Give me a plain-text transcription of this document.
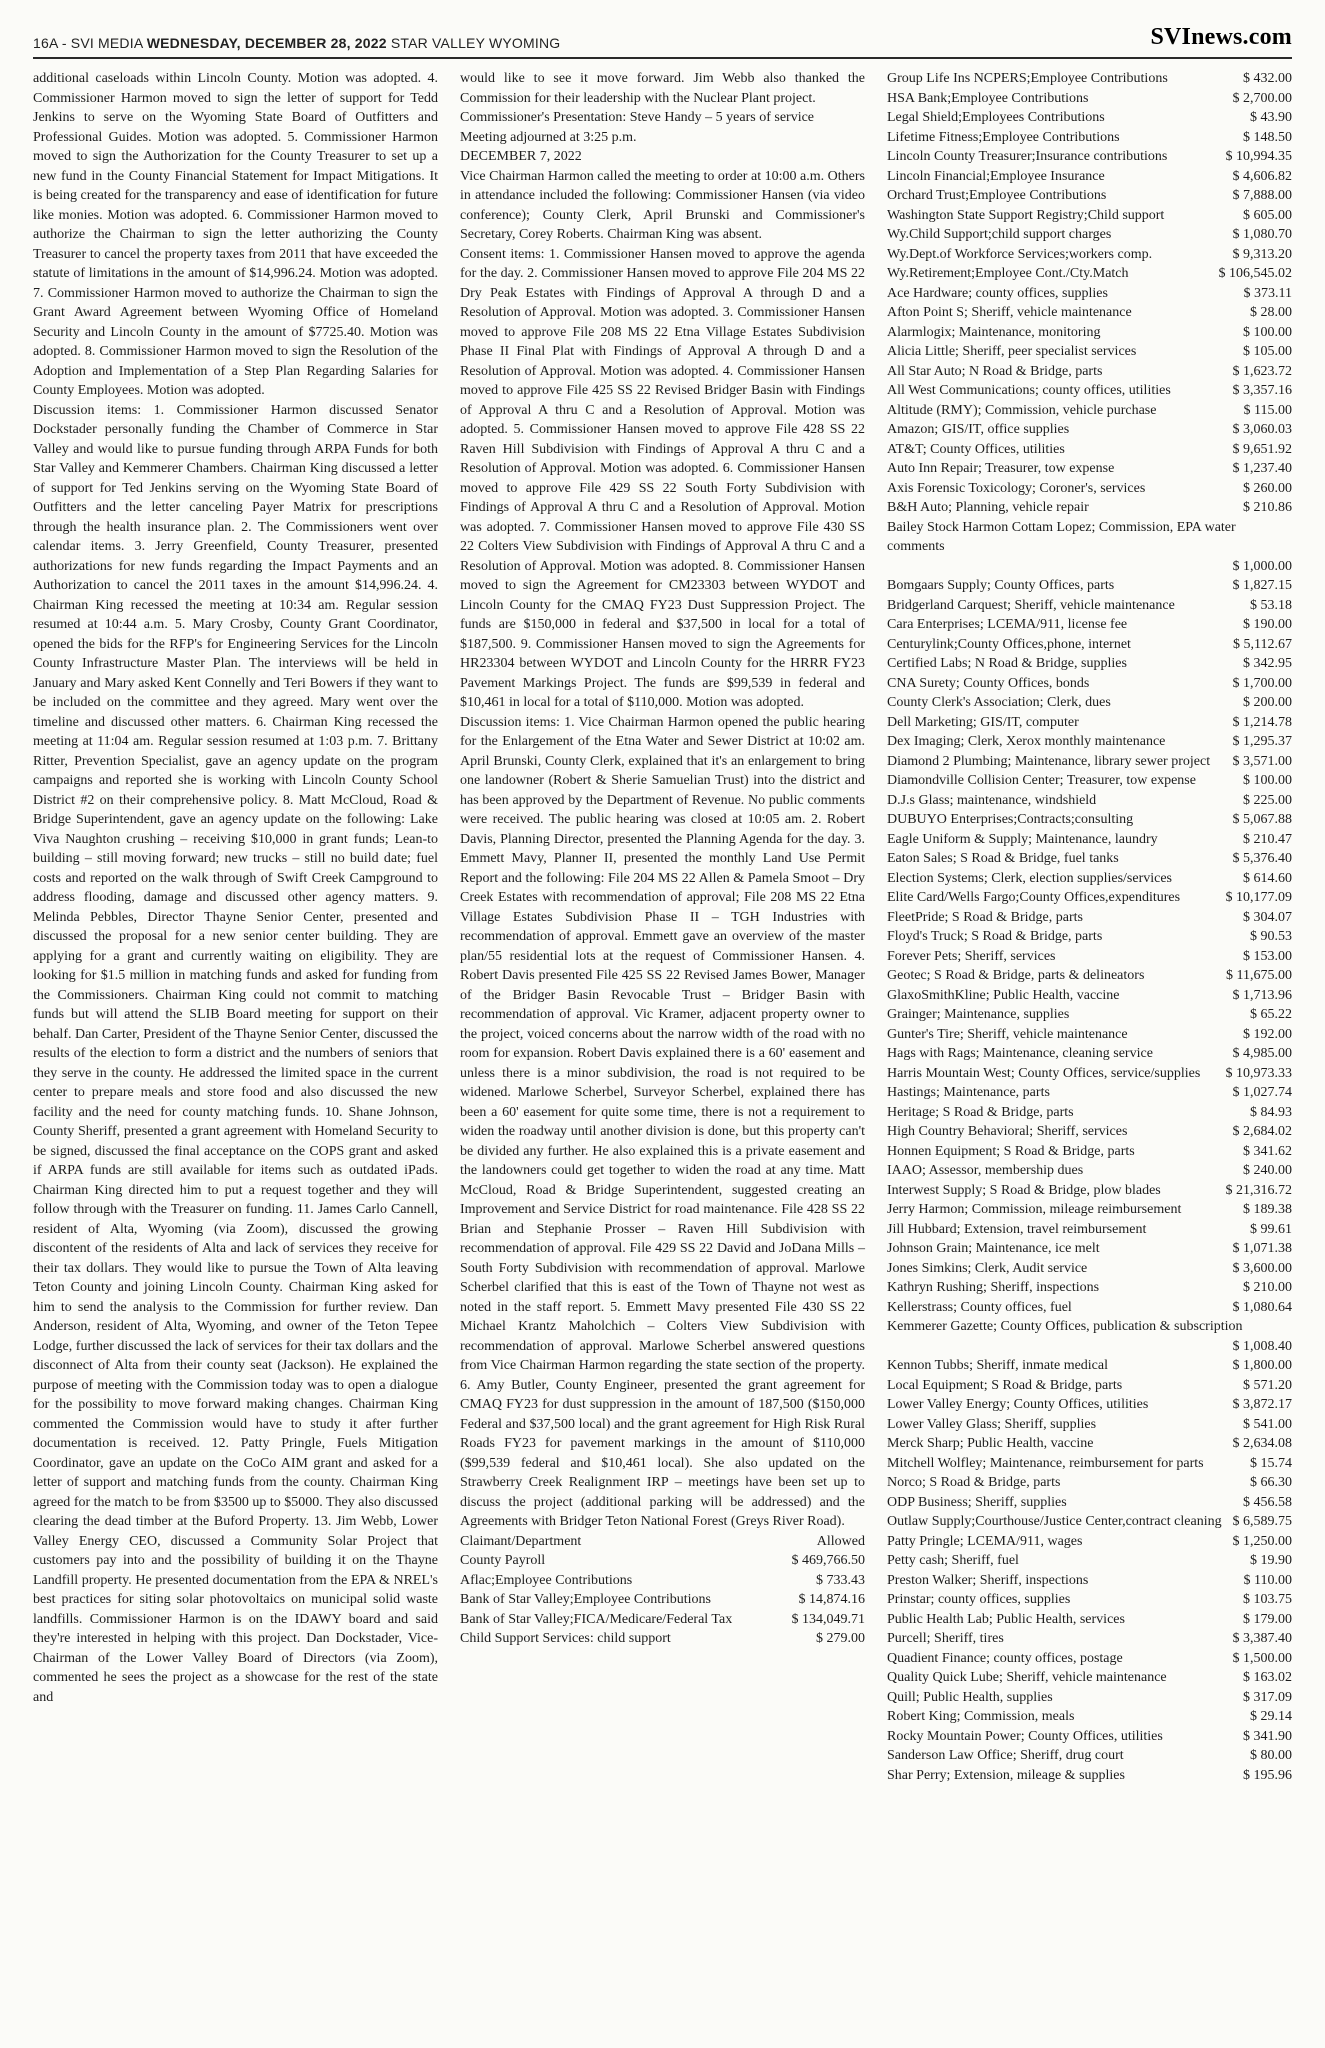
16A - SVI MEDIA WEDNESDAY, DECEMBER 28, 2022 STAR VALLEY WYOMING	SVInews.com

additional caseloads within Lincoln County. Motion was adopted. 4. Commissioner Harmon moved to sign the letter of support for Tedd Jenkins to serve on the Wyoming State Board of Outfitters and Professional Guides. Motion was adopted. 5. Commissioner Harmon moved to sign the Authorization for the County Treasurer to set up a new fund in the County Financial Statement for Impact Mitigations. It is being created for the transparency and ease of identification for future like monies. Motion was adopted. 6. Commissioner Harmon moved to authorize the Chairman to sign the letter authorizing the County Treasurer to cancel the property taxes from 2011 that have exceeded the statute of limitations in the amount of $14,996.24. Motion was adopted. 7. Commissioner Harmon moved to authorize the Chairman to sign the Grant Award Agreement between Wyoming Office of Homeland Security and Lincoln County in the amount of $7725.40. Motion was adopted. 8. Commissioner Harmon moved to sign the Resolution of the Adoption and Implementation of a Step Plan Regarding Salaries for County Employees. Motion was adopted.

Discussion items: 1. Commissioner Harmon discussed Senator Dockstader personally funding the Chamber of Commerce in Star Valley and would like to pursue funding through ARPA Funds for both Star Valley and Kemmerer Chambers. Chairman King discussed a letter of support for Ted Jenkins serving on the Wyoming State Board of Outfitters and the letter canceling Payer Matrix for prescriptions through the health insurance plan. 2. The Commissioners went over calendar items. 3. Jerry Greenfield, County Treasurer, presented authorizations for new funds regarding the Impact Payments and an Authorization to cancel the 2011 taxes in the amount $14,996.24. 4. Chairman King recessed the meeting at 10:34 am. Regular session resumed at 10:44 a.m. 5. Mary Crosby, County Grant Coordinator, opened the bids for the RFP's for Engineering Services for the Lincoln County Infrastructure Master Plan. The interviews will be held in January and Mary asked Kent Connelly and Teri Bowers if they want to be included on the committee and they agreed. Mary went over the timeline and discussed other matters. 6. Chairman King recessed the meeting at 11:04 am. Regular session resumed at 1:03 p.m. 7. Brittany Ritter, Prevention Specialist, gave an agency update on the program campaigns and reported she is working with Lincoln County School District #2 on their comprehensive policy. 8. Matt McCloud, Road & Bridge Superintendent, gave an agency update on the following: Lake Viva Naughton crushing – receiving $10,000 in grant funds; Lean-to building – still moving forward; new trucks – still no build date; fuel costs and reported on the walk through of Swift Creek Campground to address flooding, damage and discussed other agency matters. 9. Melinda Pebbles, Director Thayne Senior Center, presented and discussed the proposal for a new senior center building. They are applying for a grant and currently waiting on eligibility. They are looking for $1.5 million in matching funds and asked for funding from the Commissioners. Chairman King could not commit to matching funds but will attend the SLIB Board meeting for support on their behalf. Dan Carter, President of the Thayne Senior Center, discussed the results of the election to form a district and the numbers of seniors that they serve in the county. He addressed the limited space in the current center to prepare meals and store food and also discussed the new facility and the need for county matching funds. 10. Shane Johnson, County Sheriff, presented a grant agreement with Homeland Security to be signed, discussed the final acceptance on the COPS grant and asked if ARPA funds are still available for items such as outdated iPads. Chairman King directed him to put a request together and they will follow through with the Treasurer on funding. 11. James Carlo Cannell, resident of Alta, Wyoming (via Zoom), discussed the growing discontent of the residents of Alta and lack of services they receive for their tax dollars. They would like to pursue the Town of Alta leaving Teton County and joining Lincoln County. Chairman King asked for him to send the analysis to the Commission for further review. Dan Anderson, resident of Alta, Wyoming, and owner of the Teton Tepee Lodge, further discussed the lack of services for their tax dollars and the disconnect of Alta from their county seat (Jackson). He explained the purpose of meeting with the Commission today was to open a dialogue for the possibility to move forward making changes. Chairman King commented the Commission would have to study it after further documentation is received. 12. Patty Pringle, Fuels Mitigation Coordinator, gave an update on the CoCo AIM grant and asked for a letter of support and matching funds from the county. Chairman King agreed for the match to be from $3500 up to $5000. They also discussed clearing the dead timber at the Buford Property. 13. Jim Webb, Lower Valley Energy CEO, discussed a Community Solar Project that customers pay into and the possibility of building it on the Thayne Landfill property. He presented documentation from the EPA & NREL's best practices for siting solar photovoltaics on municipal solid waste landfills. Commissioner Harmon is on the IDAWY board and said they're interested in helping with this project. Dan Dockstader, Vice-Chairman of the Lower Valley Board of Directors (via Zoom), commented he sees the project as a showcase for the rest of the state and

would like to see it move forward. Jim Webb also thanked the Commission for their leadership with the Nuclear Plant project.

Commissioner's Presentation: Steve Handy – 5 years of service

Meeting adjourned at 3:25 p.m.

DECEMBER 7, 2022

Vice Chairman Harmon called the meeting to order at 10:00 a.m. Others in attendance included the following: Commissioner Hansen (via video conference); County Clerk, April Brunski and Commissioner's Secretary, Corey Roberts. Chairman King was absent.

Consent items: 1. Commissioner Hansen moved to approve the agenda for the day. 2. Commissioner Hansen moved to approve File 204 MS 22 Dry Peak Estates with Findings of Approval A through D and a Resolution of Approval. Motion was adopted. 3. Commissioner Hansen moved to approve File 208 MS 22 Etna Village Estates Subdivision Phase II Final Plat with Findings of Approval A through D and a Resolution of Approval. Motion was adopted. 4. Commissioner Hansen moved to approve File 425 SS 22 Revised Bridger Basin with Findings of Approval A thru C and a Resolution of Approval. Motion was adopted. 5. Commissioner Hansen moved to approve File 428 SS 22 Raven Hill Subdivision with Findings of Approval A thru C and a Resolution of Approval. Motion was adopted. 6. Commissioner Hansen moved to approve File 429 SS 22 South Forty Subdivision with Findings of Approval A thru C and a Resolution of Approval. Motion was adopted. 7. Commissioner Hansen moved to approve File 430 SS 22 Colters View Subdivision with Findings of Approval A thru C and a Resolution of Approval. Motion was adopted. 8. Commissioner Hansen moved to sign the Agreement for CM23303 between WYDOT and Lincoln County for the CMAQ FY23 Dust Suppression Project. The funds are $150,000 in federal and $37,500 in local for a total of $187,500. 9. Commissioner Hansen moved to sign the Agreements for HR23304 between WYDOT and Lincoln County for the HRRR FY23 Pavement Markings Project. The funds are $99,539 in federal and $10,461 in local for a total of $110,000. Motion was adopted.

Discussion items: 1. Vice Chairman Harmon opened the public hearing for the Enlargement of the Etna Water and Sewer District at 10:02 am. April Brunski, County Clerk, explained that it's an enlargement to bring one landowner (Robert & Sherie Samuelian Trust) into the district and has been approved by the Department of Revenue. No public comments were received. The public hearing was closed at 10:05 am. 2. Robert Davis, Planning Director, presented the Planning Agenda for the day. 3. Emmett Mavy, Planner II, presented the monthly Land Use Permit Report and the following: File 204 MS 22 Allen & Pamela Smoot – Dry Creek Estates with recommendation of approval; File 208 MS 22 Etna Village Estates Subdivision Phase II – TGH Industries with recommendation of approval. Emmett gave an overview of the master plan/55 residential lots at the request of Commissioner Hansen. 4. Robert Davis presented File 425 SS 22 Revised James Bower, Manager of the Bridger Basin Revocable Trust – Bridger Basin with recommendation of approval. Vic Kramer, adjacent property owner to the project, voiced concerns about the narrow width of the road with no room for expansion. Robert Davis explained there is a 60' easement and unless there is a minor subdivision, the road is not required to be widened. Marlowe Scherbel, Surveyor Scherbel, explained there has been a 60' easement for quite some time, there is not a requirement to widen the roadway until another division is done, but this property can't be divided any further. He also explained this is a private easement and the landowners could get together to widen the road at any time. Matt McCloud, Road & Bridge Superintendent, suggested creating an Improvement and Service District for road maintenance. File 428 SS 22 Brian and Stephanie Prosser – Raven Hill Subdivision with recommendation of approval. File 429 SS 22 David and JoDana Mills – South Forty Subdivision with recommendation of approval. Marlowe Scherbel clarified that this is east of the Town of Thayne not west as noted in the staff report. 5. Emmett Mavy presented File 430 SS 22 Michael Krantz Maholchich – Colters View Subdivision with recommendation of approval. Marlowe Scherbel answered questions from Vice Chairman Harmon regarding the state section of the property. 6. Amy Butler, County Engineer, presented the grant agreement for CMAQ FY23 for dust suppression in the amount of 187,500 ($150,000 Federal and $37,500 local) and the grant agreement for High Risk Rural Roads FY23 for pavement markings in the amount of $110,000 ($99,539 federal and $10,461 local). She also updated on the Strawberry Creek Realignment IRP – meetings have been set up to discuss the project (additional parking will be addressed) and the Agreements with Bridger Teton National Forest (Greys River Road).

Claimant/Department	Allowed
County Payroll	$ 469,766.50
Aflac;Employee Contributions	$ 733.43
Bank of Star Valley;Employee Contributions	$ 14,874.16
Bank of Star Valley;FICA/Medicare/Federal Tax	$ 134,049.71
Child Support Services: child support	$ 279.00
Group Life Ins NCPERS;Employee Contributions	$ 432.00
HSA Bank;Employee Contributions	$ 2,700.00
Legal Shield;Employees Contributions	$ 43.90
Lifetime Fitness;Employee Contributions	$ 148.50
Lincoln County Treasurer;Insurance contributions	$ 10,994.35
Lincoln Financial;Employee Insurance	$ 4,606.82
Orchard Trust;Employee Contributions	$ 7,888.00
Washington State Support Registry;Child support	$ 605.00
Wy.Child Support;child support charges	$ 1,080.70
Wy.Dept.of Workforce Services;workers comp.	$ 9,313.20
Wy.Retirement;Employee Cont./Cty.Match	$ 106,545.02
Ace Hardware; county offices, supplies	$ 373.11
Afton Point S; Sheriff, vehicle maintenance	$ 28.00
Alarmlogix; Maintenance, monitoring	$ 100.00
Alicia Little; Sheriff, peer specialist services	$ 105.00
All Star Auto; N Road & Bridge, parts	$ 1,623.72
All West Communications; county offices, utilities	$ 3,357.16
Altitude (RMY); Commission, vehicle purchase	$ 115.00
Amazon; GIS/IT, office supplies	$ 3,060.03
AT&T; County Offices, utilities	$ 9,651.92
Auto Inn Repair; Treasurer, tow expense	$ 1,237.40
Axis Forensic Toxicology; Coroner's, services	$ 260.00
B&H Auto; Planning, vehicle repair	$ 210.86
Bailey Stock Harmon Cottam Lopez; Commission, EPA water comments
$ 1,000.00
Bomgaars Supply; County Offices, parts	$ 1,827.15
Bridgerland Carquest; Sheriff, vehicle maintenance	$ 53.18
Cara Enterprises; LCEMA/911, license fee	$ 190.00
Centurylink;County Offices,phone, internet	$ 5,112.67
Certified Labs; N Road & Bridge, supplies	$ 342.95
CNA Surety; County Offices, bonds	$ 1,700.00
County Clerk's Association; Clerk, dues	$ 200.00
Dell Marketing; GIS/IT, computer	$ 1,214.78
Dex Imaging; Clerk, Xerox monthly maintenance	$ 1,295.37
Diamond 2 Plumbing; Maintenance, library sewer project $ 3,571.00
Diamondville Collision Center; Treasurer, tow expense	$ 100.00
D.J.s Glass; maintenance, windshield	$ 225.00
DUBUYO Enterprises;Contracts;consulting	$ 5,067.88
Eagle Uniform & Supply; Maintenance, laundry	$ 210.47
Eaton Sales; S Road & Bridge, fuel tanks	$ 5,376.40
Election Systems; Clerk, election supplies/services	$ 614.60
Elite Card/Wells Fargo;County Offices,expenditures	$ 10,177.09
FleetPride; S Road & Bridge, parts	$ 304.07
Floyd's Truck; S Road & Bridge, parts	$ 90.53
Forever Pets; Sheriff, services	$ 153.00
Geotec; S Road & Bridge, parts & delineators	$ 11,675.00
GlaxoSmithKline; Public Health, vaccine	$ 1,713.96
Grainger; Maintenance, supplies	$ 65.22
Gunter's Tire; Sheriff, vehicle maintenance	$ 192.00
Hags with Rags; Maintenance, cleaning service	$ 4,985.00
Harris Mountain West; County Offices, service/supplies $ 10,973.33
Hastings; Maintenance, parts	$ 1,027.74
Heritage; S Road & Bridge, parts	$ 84.93
High Country Behavioral; Sheriff, services	$ 2,684.02
Honnen Equipment; S Road & Bridge, parts	$ 341.62
IAAO; Assessor, membership dues	$ 240.00
Interwest Supply; S Road & Bridge, plow blades	$ 21,316.72
Jerry Harmon; Commission, mileage reimbursement	$ 189.38
Jill Hubbard; Extension, travel reimbursement	$ 99.61
Johnson Grain; Maintenance, ice melt	$ 1,071.38
Jones Simkins; Clerk, Audit service	$ 3,600.00
Kathryn Rushing; Sheriff, inspections	$ 210.00
Kellerstrass; County offices, fuel	$ 1,080.64
Kemmerer Gazette; County Offices, publication & subscription
$ 1,008.40
Kennon Tubbs; Sheriff, inmate medical	$ 1,800.00
Local Equipment; S Road & Bridge, parts	$ 571.20
Lower Valley Energy; County Offices, utilities	$ 3,872.17
Lower Valley Glass; Sheriff, supplies	$ 541.00
Merck Sharp; Public Health, vaccine	$ 2,634.08
Mitchell Wolfley; Maintenance, reimbursement for parts	$ 15.74
Norco; S Road & Bridge, parts	$ 66.30
ODP Business; Sheriff, supplies	$ 456.58
Outlaw Supply;Courthouse/Justice Center,contract cleaning $ 6,589.75
Patty Pringle; LCEMA/911, wages	$ 1,250.00
Petty cash; Sheriff, fuel	$ 19.90
Preston Walker; Sheriff, inspections	$ 110.00
Prinstar; county offices, supplies	$ 103.75
Public Health Lab; Public Health, services	$ 179.00
Purcell; Sheriff, tires	$ 3,387.40
Quadient Finance; county offices, postage	$ 1,500.00
Quality Quick Lube; Sheriff, vehicle maintenance	$ 163.02
Quill; Public Health, supplies	$ 317.09
Robert King; Commission, meals	$ 29.14
Rocky Mountain Power; County Offices, utilities	$ 341.90
Sanderson Law Office; Sheriff, drug court	$ 80.00
Shar Perry; Extension, mileage & supplies	$ 195.96
